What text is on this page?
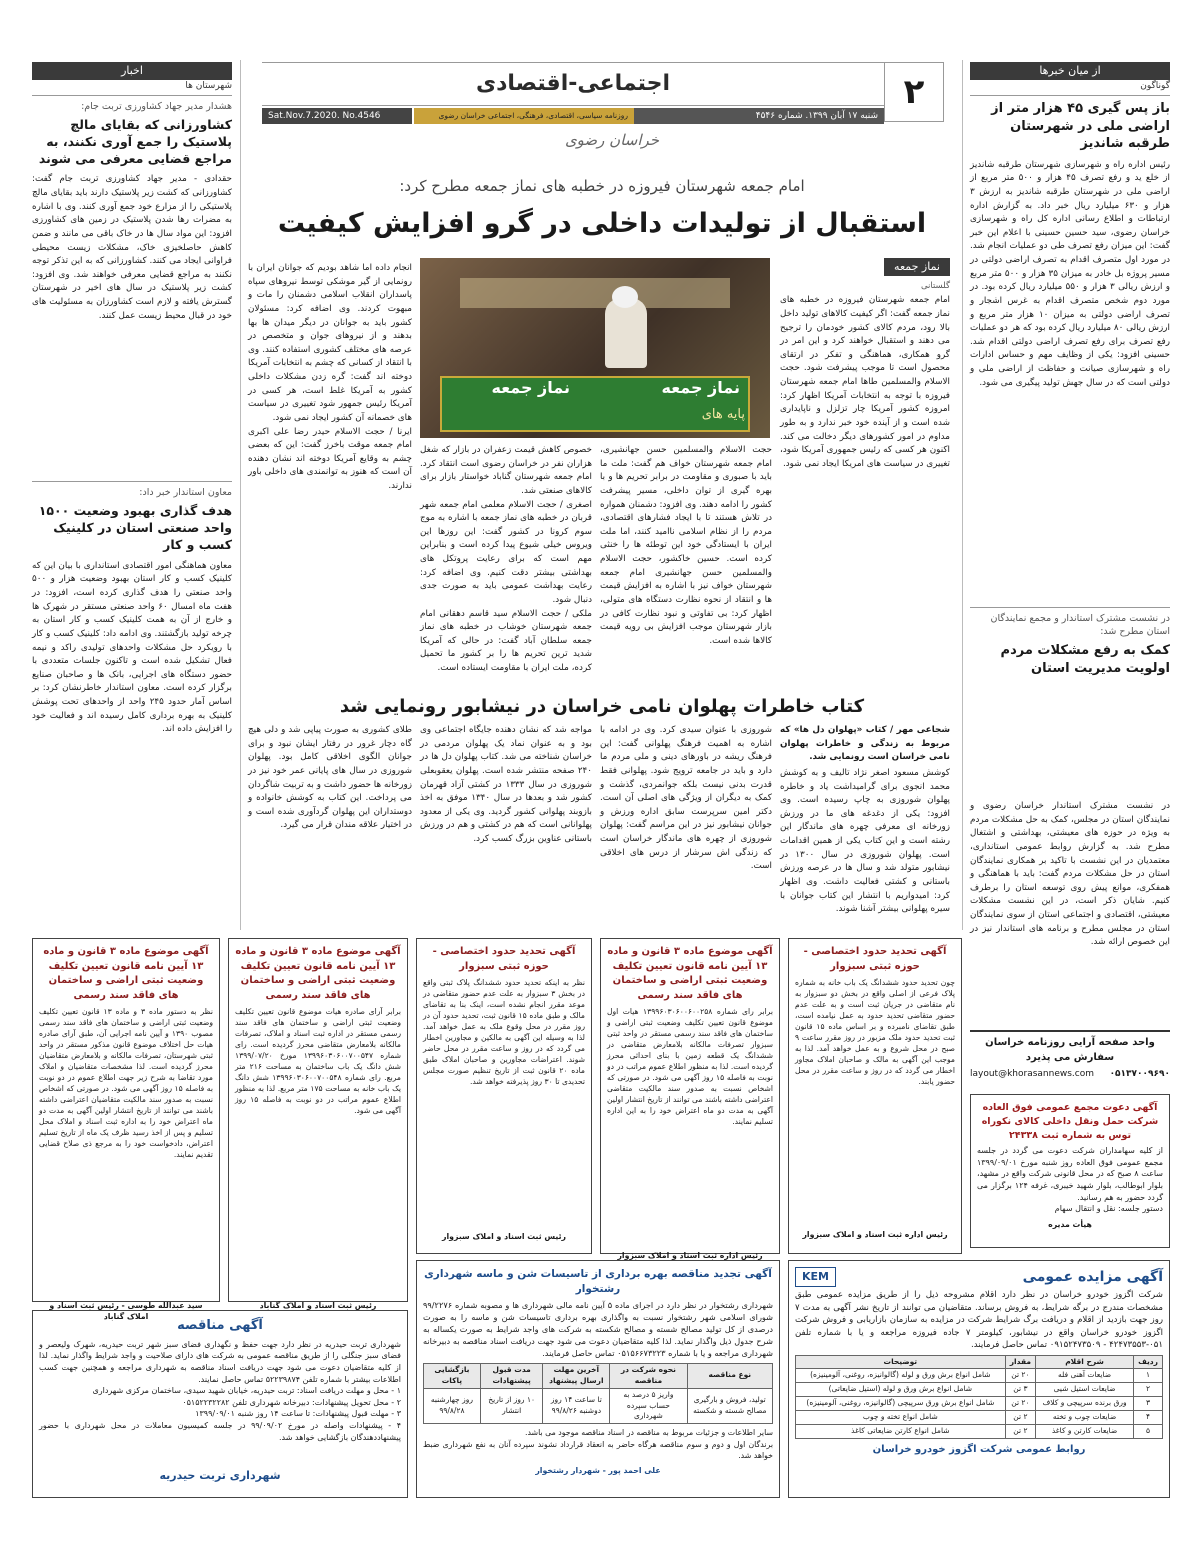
۲
اجتماعی-اقتصادی
شنبه ۱۷ آبان ۱۳۹۹. شماره ۴۵۴۶
روزنامه سیاسی، اقتصادی، فرهنگی، اجتماعی خراسان رضوی
Sat.Nov.7.2020. No.4546
خراسان رضوی
امام جمعه شهرستان فیروزه در خطبه های نماز جمعه مطرح کرد:
استقبال از تولیدات داخلی در گرو افزایش کیفیت
نماز جمعه
گلستانی
امام جمعه شهرستان فیروزه در خطبه های نماز جمعه گفت: اگر کیفیت کالاهای تولید داخل بالا رود، مردم کالای کشور خودمان را ترجیح می دهند و استقبال خواهند کرد و این امر در گرو همکاری، هماهنگی و تفکر در ارتقای محصول است تا موجب پیشرفت شود. حجت الاسلام والمسلمین طاها امام جمعه شهرستان فیروزه با توجه به انتخابات آمریکا اظهار کرد: امروزه کشور آمریکا چار تزلزل و ناپایداری شده است و از آینده خود خبر ندارد و به طور مداوم در امور کشورهای دیگر دخالت می کند. اکنون هر کسی که رئیس جمهوری آمریکا شود، تغییری در سیاست های امریکا ایجاد نمی شود.
نماز جمعه	نماز جمعه
پایه های
حجت الاسلام والمسلمین حسن جهانشیری، امام جمعه شهرستان خواف هم گفت: ملت ما باید با صبوری و مقاومت در برابر تحریم ها و با بهره گیری از توان داخلی، مسیر پیشرفت کشور را ادامه دهند. وی افزود: دشمنان همواره در تلاش هستند تا با ایجاد فشارهای اقتصادی، مردم را از نظام اسلامی ناامید کنند، اما ملت ایران با ایستادگی خود این توطئه ها را خنثی کرده است. حسین خاکشور، حجت الاسلام والمسلمین حسن جهانشیری امام جمعه شهرستان خواف نیز با اشاره به افزایش قیمت ها و انتقاد از نحوه نظارت دستگاه های متولی، اظهار کرد: بی تفاوتی و نبود نظارت کافی در بازار شهرستان موجب افزایش بی رویه قیمت کالاها شده است.
خصوص کاهش قیمت زعفران در بازار که شغل هزاران نفر در خراسان رضوی است انتقاد کرد. امام جمعه شهرستان گناباد خواستار بازار برای کالاهای صنعتی شد.
اصغری / حجت الاسلام معلمی امام جمعه شهر قربان در خطبه های نماز جمعه با اشاره به موج سوم کرونا در کشور گفت: این روزها این ویروس خیلی شیوع پیدا کرده است و بنابراین مهم است که برای رعایت پروتکل های بهداشتی بیشتر دقت کنیم. وی اضافه کرد: رعایت بهداشت عمومی باید به صورت جدی دنبال شود.
ملکی / حجت الاسلام سید قاسم دهقانی امام جمعه شهرستان خوشاب در خطبه های نماز جمعه سلطان آباد گفت: در حالی که آمریکا شدید ترین تحریم ها را بر کشور ما تحمیل کرده، ملت ایران با مقاومت ایستاده است.
انجام داده اما شاهد بودیم که جوانان ایران با رونمایی از گیر موشکی توسط نیروهای سپاه پاسداران انقلاب اسلامی دشمنان را مات و مبهوت کردند. وی اضافه کرد: مسئولان کشور باید به جوانان در دیگر میدان ها بها بدهند و از نیروهای جوان و متخصص در عرصه های مختلف کشوری استفاده کنند. وی با انتقاد از کسانی که چشم به انتخابات آمریکا دوخته اند گفت: گره زدن مشکلات داخلی کشور به آمریکا غلط است، هر کسی در آمریکا رئیس جمهور شود تغییری در سیاست های خصمانه آن کشور ایجاد نمی شود.
ایرنا / حجت الاسلام حیدر رضا علی اکبری امام جمعه موقت باخرز گفت: این که بعضی چشم به وقایع آمریکا دوخته اند نشان دهنده آن است که هنوز به توانمندی های داخلی باور ندارند.
کتاب خاطرات پهلوان نامی خراسان در نیشابور رونمایی شد
شجاعی مهر / کتاب «پهلوان دل ها» که مربوط به زندگی و خاطرات پهلوان نامی خراسان است رونمایی شد.
کوشش مسعود اصغر نژاد تالیف و به کوشش محمد انجوی برای گرامیداشت یاد و خاطره پهلوان شوروزی به چاپ رسیده است. وی افزود: یکی از دغدغه های ما در ورزش زورخانه ای معرفی چهره های ماندگار این رشته است و این کتاب یکی از همین اقدامات است. پهلوان شوروزی در سال ۱۳۰۰ در نیشابور متولد شد و سال ها در عرصه ورزش باستانی و کشتی فعالیت داشت. وی اظهار کرد: امیدواریم با انتشار این کتاب جوانان با سیره پهلوانی بیشتر آشنا شوند.
شوروزی با عنوان سیدی کرد. وی در ادامه با اشاره به اهمیت فرهنگ پهلوانی گفت: این فرهنگ ریشه در باورهای دینی و ملی مردم ما دارد و باید در جامعه ترویج شود. پهلوانی فقط قدرت بدنی نیست بلکه جوانمردی، گذشت و کمک به دیگران از ویژگی های اصلی آن است. دکتر امین سرپرست سابق اداره ورزش و جوانان نیشابور نیز در این مراسم گفت: پهلوان شوروزی از چهره های ماندگار خراسان است که زندگی اش سرشار از درس های اخلاقی است.
مواجه شد که نشان دهنده جایگاه اجتماعی وی بود و به عنوان نماد یک پهلوان مردمی در خراسان شناخته می شد. کتاب پهلوان دل ها در ۲۴۰ صفحه منتشر شده است. پهلوان یعقوبعلی شوروزی در سال ۱۳۳۳ در کشتی آزاد قهرمان کشور شد و بعدها در سال ۱۳۴۰ موفق به اخذ بازوبند پهلوانی کشور گردید. وی یکی از معدود پهلوانانی است که هم در کشتی و هم در ورزش باستانی عناوین بزرگ کسب کرد.
طلای کشوری به صورت پیاپی شد و دلی هیچ گاه دچار غرور در رفتار ایشان نبود و برای جوانان الگوی اخلاقی کامل بود. پهلوان شوروزی در سال های پایانی عمر خود نیز در زورخانه ها حضور داشت و به تربیت شاگردان می پرداخت. این کتاب به کوشش خانواده و دوستداران این پهلوان گردآوری شده است و در اختیار علاقه مندان قرار می گیرد.
اخبار
شهرستان ها
هشدار مدیر جهاد کشاورزی تربت جام:
کشاورزانی که بقایای مالچ پلاستیک را جمع آوری نکنند، به مراجع قضایی معرفی می شوند
حقدادی - مدیر جهاد کشاورزی تربت جام گفت: کشاورزانی که کشت زیر پلاستیک دارند باید بقایای مالچ پلاستیکی را از مزارع خود جمع آوری کنند. وی با اشاره به مضرات رها شدن پلاستیک در زمین های کشاورزی افزود: این مواد سال ها در خاک باقی می مانند و ضمن کاهش حاصلخیزی خاک، مشکلات زیست محیطی فراوانی ایجاد می کنند. کشاورزانی که به این تذکر توجه نکنند به مراجع قضایی معرفی خواهند شد. وی افزود: کشت زیر پلاستیک در سال های اخیر در شهرستان گسترش یافته و لازم است کشاورزان به مسئولیت های خود در قبال محیط زیست عمل کنند.
معاون استاندار خبر داد:
هدف گذاری بهبود وضعیت ۱۵۰۰ واحد صنعتی استان در کلینیک کسب و کار
معاون هماهنگی امور اقتصادی استانداری با بیان این که کلینیک کسب و کار استان بهبود وضعیت هزار و ۵۰۰ واحد صنعتی را هدف گذاری کرده است، افزود: در هفت ماه امسال ۶۰ واحد صنعتی مستقر در شهرک ها و خارج از آن به همت کلینیک کسب و کار استان به چرخه تولید بازگشتند. وی ادامه داد: کلینیک کسب و کار با رویکرد حل مشکلات واحدهای تولیدی راکد و نیمه فعال تشکیل شده است و تاکنون جلسات متعددی با حضور دستگاه های اجرایی، بانک ها و صاحبان صنایع برگزار کرده است. معاون استاندار خاطرنشان کرد: بر اساس آمار حدود ۲۴۵ واحد از واحدهای تحت پوشش کلینیک به بهره برداری کامل رسیده اند و فعالیت خود را افزایش داده اند.
از میان خبرها
گوناگون
باز پس گیری ۴۵ هزار متر از اراضی ملی در شهرستان طرقبه شاندیز
رئیس اداره راه و شهرسازی شهرستان طرقبه شاندیز از خلع ید و رفع تصرف ۴۵ هزار و ۵۰۰ متر مربع از اراضی ملی در شهرستان طرقبه شاندیز به ارزش ۳ هزار و ۶۳۰ میلیارد ریال خبر داد. به گزارش اداره ارتباطات و اطلاع رسانی اداره کل راه و شهرسازی خراسان رضوی، سید حسین حسینی با اعلام این خبر گفت: این میزان رفع تصرف طی دو عملیات انجام شد. در مورد اول متصرف اقدام به تصرف اراضی دولتی در مسیر پروژه بل خادر به میزان ۳۵ هزار و ۵۰۰ متر مربع و ارزش ریالی ۳ هزار و ۵۵۰ میلیارد ریال کرده بود. در مورد دوم شخص متصرف اقدام به غرس اشجار و تصرف اراضی دولتی به میزان ۱۰ هزار متر مربع و ارزش ریالی ۸۰ میلیارد ریال کرده بود که هر دو عملیات رفع تصرف برای رفع تصرف اراضی دولتی اقدام شد. حسینی افزود: یکی از وظایف مهم و حساس ادارات راه و شهرسازی صیانت و حفاظت از اراضی ملی و دولتی است که در سال جهش تولید پیگیری می شود.
در نشست مشترک استاندار و مجمع نمایندگان استان مطرح شد:
کمک به رفع مشکلات مردم اولویت مدیریت استان
در نشست مشترک استاندار خراسان رضوی و نمایندگان استان در مجلس، کمک به حل مشکلات مردم به ویژه در حوزه های معیشتی، بهداشتی و اشتغال مطرح شد. به گزارش روابط عمومی استانداری، معتمدیان در این نشست با تاکید بر همکاری نمایندگان استان در حل مشکلات مردم گفت: باید با هماهنگی و همفکری، موانع پیش روی توسعه استان را برطرف کنیم. شایان ذکر است، در این نشست مشکلات معیشتی، اقتصادی و اجتماعی استان از سوی نمایندگان استان در مجلس مطرح و برنامه های استاندار نیز در این خصوص ارائه شد.
واحد صفحه آرایی روزنامه خراسان سفارش می پذیرد
layout@khorasannews.com ۰۵۱۳۷۰۰۹۶۹۰
آگهی دعوت مجمع عمومی فوق العاده شرکت حمل ونقل داخلی کالای نکوراه توس به شماره ثبت ۲۴۳۳۸
از کلیه سهامداران شرکت دعوت می گردد در جلسه مجمع عمومی فوق العاده روز شنبه مورخ ۱۳۹۹/۰۹/۰۱ ساعت ۸ صبح که در محل قانونی شرکت واقع در مشهد، بلوار ابوطالب، بلوار شهید خیبری، غرفه ۱۲۴ برگزار می گردد حضور به هم رسانید.
دستور جلسه: نقل و انتقال سهام
هیأت مدیره
آگهی تحدید حدود اختصاصی - حوزه ثبتی سبزوار
چون تحدید حدود ششدانگ یک باب خانه به شماره پلاک فرعی از اصلی واقع در بخش دو سبزوار به نام متقاضی در جریان ثبت است و به علت عدم حضور متقاضی تحدید حدود به عمل نیامده است، طبق تقاضای نامبرده و بر اساس ماده ۱۵ قانون ثبت تحدید حدود ملک مزبور در روز مقرر ساعت ۹ صبح در محل شروع و به عمل خواهد آمد. لذا به موجب این آگهی به مالک و صاحبان املاک مجاور اخطار می گردد که در روز و ساعت مقرر در محل حضور یابند.
رئیس اداره ثبت اسناد و املاک سبزوار
آگهی موضوع ماده ۳ قانون و ماده ۱۳ آیین نامه قانون تعیین تکلیف وضعیت ثبتی اراضی و ساختمان های فاقد سند رسمی
برابر رای شماره ۱۳۹۹۶۰۳۰۶۰۰۶۰۰۲۵۸ هیات اول موضوع قانون تعیین تکلیف وضعیت ثبتی اراضی و ساختمان های فاقد سند رسمی مستقر در واحد ثبتی سبزوار تصرفات مالکانه بلامعارض متقاضی در ششدانگ یک قطعه زمین با بنای احداثی محرز گردیده است. لذا به منظور اطلاع عموم مراتب در دو نوبت به فاصله ۱۵ روز آگهی می شود. در صورتی که اشخاص نسبت به صدور سند مالکیت متقاضی اعتراضی داشته باشند می توانند از تاریخ انتشار اولین آگهی به مدت دو ماه اعتراض خود را به این اداره تسلیم نمایند.
رئیس اداره ثبت اسناد و املاک سبزوار
آگهی تحدید حدود اختصاصی - حوزه ثبتی سبزوار
نظر به اینکه تحدید حدود ششدانگ پلاک ثبتی واقع در بخش ۳ سبزوار به علت عدم حضور متقاضی در موعد مقرر انجام نشده است، اینک بنا به تقاضای مالک و طبق ماده ۱۵ قانون ثبت، تحدید حدود آن در روز مقرر در محل وقوع ملک به عمل خواهد آمد. لذا به وسیله این آگهی به مالکین و مجاورین اخطار می گردد که در روز و ساعت مقرر در محل حاضر شوند. اعتراضات مجاورین و صاحبان املاک طبق ماده ۲۰ قانون ثبت از تاریخ تنظیم صورت مجلس تحدیدی تا ۳۰ روز پذیرفته خواهد شد.
رئیس ثبت اسناد و املاک سبزوار
آگهی موضوع ماده ۳ قانون و ماده ۱۳ آیین نامه قانون تعیین تکلیف وضعیت ثبتی اراضی و ساختمان های فاقد سند رسمی
برابر آرای صادره هیات موضوع قانون تعیین تکلیف وضعیت ثبتی اراضی و ساختمان های فاقد سند رسمی مستقر در اداره ثبت اسناد و املاک، تصرفات مالکانه بلامعارض متقاضی محرز گردیده است. رای شماره ۱۳۹۹۶۰۳۰۶۰۰۷۰۰۵۴۷ مورخ ۱۳۹۹/۰۷/۲۰ شش دانگ یک باب ساختمان به مساحت ۲۱۶ متر مربع. رای شماره ۱۳۹۹۶۰۳۰۶۰۰۷۰۰۵۴۸ شش دانگ یک باب خانه به مساحت ۱۷۵ متر مربع. لذا به منظور اطلاع عموم مراتب در دو نوبت به فاصله ۱۵ روز آگهی می شود.
رئیس ثبت اسناد و املاک گناباد
آگهی موضوع ماده ۳ قانون و ماده ۱۳ آیین نامه قانون تعیین تکلیف وضعیت ثبتی اراضی و ساختمان های فاقد سند رسمی
نظر به دستور ماده ۳ و ماده ۱۳ قانون تعیین تکلیف وضعیت ثبتی اراضی و ساختمان های فاقد سند رسمی مصوب ۱۳۹۰ و آیین نامه اجرایی آن، طبق آرای صادره هیات حل اختلاف موضوع قانون مذکور مستقر در واحد ثبتی شهرستان، تصرفات مالکانه و بلامعارض متقاضیان محرز گردیده است. لذا مشخصات متقاضیان و املاک مورد تقاضا به شرح زیر جهت اطلاع عموم در دو نوبت به فاصله ۱۵ روز آگهی می شود. در صورتی که اشخاص نسبت به صدور سند مالکیت متقاضیان اعتراضی داشته باشند می توانند از تاریخ انتشار اولین آگهی به مدت دو ماه اعتراض خود را به اداره ثبت اسناد و املاک محل تسلیم و پس از اخذ رسید ظرف یک ماه از تاریخ تسلیم اعتراض، دادخواست خود را به مرجع ذی صلاح قضایی تقدیم نمایند.
سید عبدالله طوسی - رئیس ثبت اسناد و املاک گناباد
آگهی مناقصه
شهرداری تربت حیدریه در نظر دارد جهت حفظ و نگهداری فضای سبز شهر تربت حیدریه، شهرک ولیعصر و فضای سبز جنگلی را از طریق مناقصه عمومی به شرکت های دارای صلاحیت و واجد شرایط واگذار نماید. لذا از کلیه متقاضیان دعوت می شود جهت دریافت اسناد مناقصه به شهرداری مراجعه و همچنین جهت کسب اطلاعات بیشتر با شماره تلفن ۵۲۲۳۹۸۷۴ تماس حاصل نمایند.
۱ - محل و مهلت دریافت اسناد: تربت حیدریه، خیابان شهید سیدی، ساختمان مرکزی شهرداری
۲ - محل تحویل پیشنهادات: دبیرخانه شهرداری تلفن ۰۵۱۵۲۲۳۲۲۸۲
۳ - مهلت قبول پیشنهادات: تا ساعت ۱۴ روز شنبه ۱۳۹۹/۰۹/۰۱
۴ - پیشنهادات واصله در مورخ ۹۹/۰۹/۰۲ در جلسه کمیسیون معاملات در محل شهرداری با حضور پیشنهاددهندگان بازگشایی خواهد شد.
شهرداری تربت حیدریه
آگهی تجدید مناقصه بهره برداری از تاسیسات شن و ماسه شهرداری رشتخوار
شهرداری رشتخوار در نظر دارد در اجرای ماده ۵ آیین نامه مالی شهرداری ها و مصوبه شماره ۹۹/۲۲۷۶ شورای اسلامی شهر رشتخوار نسبت به واگذاری بهره برداری تاسیسات شن و ماسه را به صورت درصدی از کل تولید مصالح شسته و مصالح شکسته به شرکت های واجد شرایط به صورت یکساله به شرح جدول ذیل واگذار نماید. لذا کلیه متقاضیان دعوت می شود جهت دریافت اسناد مناقصه به دبیرخانه شهرداری مراجعه و یا با شماره ۰۵۱۵۶۶۷۳۲۲۳ تماس حاصل فرمایند.
نوع مناقصه	نحوه شرکت در مناقصه	آخرین مهلت ارسال پیشنهاد	مدت قبول پیشنهادات	بازگشایی پاکات
تولید، فروش و بارگیری مصالح شسته و شکسته	واریز ۵ درصد به حساب سپرده شهرداری	تا ساعت ۱۴ روز دوشنبه ۹۹/۸/۲۶	۱۰ روز از تاریخ انتشار	روز چهارشنبه ۹۹/۸/۲۸
سایر اطلاعات و جزئیات مربوط به مناقصه در اسناد مناقصه موجود می باشد.
برندگان اول و دوم و سوم مناقصه هرگاه حاضر به انعقاد قرارداد نشوند سپرده آنان به نفع شهرداری ضبط خواهد شد.
علی احمد پور - شهردار رشتخوار
آگهی مزایده عمومی
KEM
شرکت اگزوز خودرو خراسان در نظر دارد اقلام مشروحه ذیل را از طریق مزایده عمومی طبق مشخصات مندرج در برگه شرایط، به فروش برساند. متقاضیان می توانند از تاریخ نشر آگهی به مدت ۷ روز جهت بازدید از اقلام و دریافت برگ شرایط شرکت در مزایده به سازمان بازاریابی و فروش شرکت اگزوز خودرو خراسان واقع در نیشابور، کیلومتر ۷ جاده فیروزه مراجعه و یا با شماره تلفن ۰۵۱-۴۲۴۷۳۵۵۳ - ۰۹۱۵۲۴۷۳۵۰۹ تماس حاصل فرمایند.
ردیف	شرح اقلام	مقدار	توضیحات
۱	ضایعات آهنی فله	۲۰ تن	شامل انواع برش ورق و لوله (گالوانیزه، روغنی، آلومینیزه)
۲	ضایعات استیل شیی	۳ تن	شامل انواع برش ورق و لوله (استیل ضایعاتی)
۳	ورق برنده سرپیچی و کلاف	۲۰ تن	شامل انواع برش ورق سرپیچی (گالوانیزه، روغنی، آلومینیزه)
۴	ضایعات چوب و تخته	۲ تن	شامل انواع تخته و چوب
۵	ضایعات کارتن و کاغذ	۲ تن	شامل انواع کارتن ضایعاتی کاغذ
روابط عمومی شرکت اگزوز خودرو خراسان
